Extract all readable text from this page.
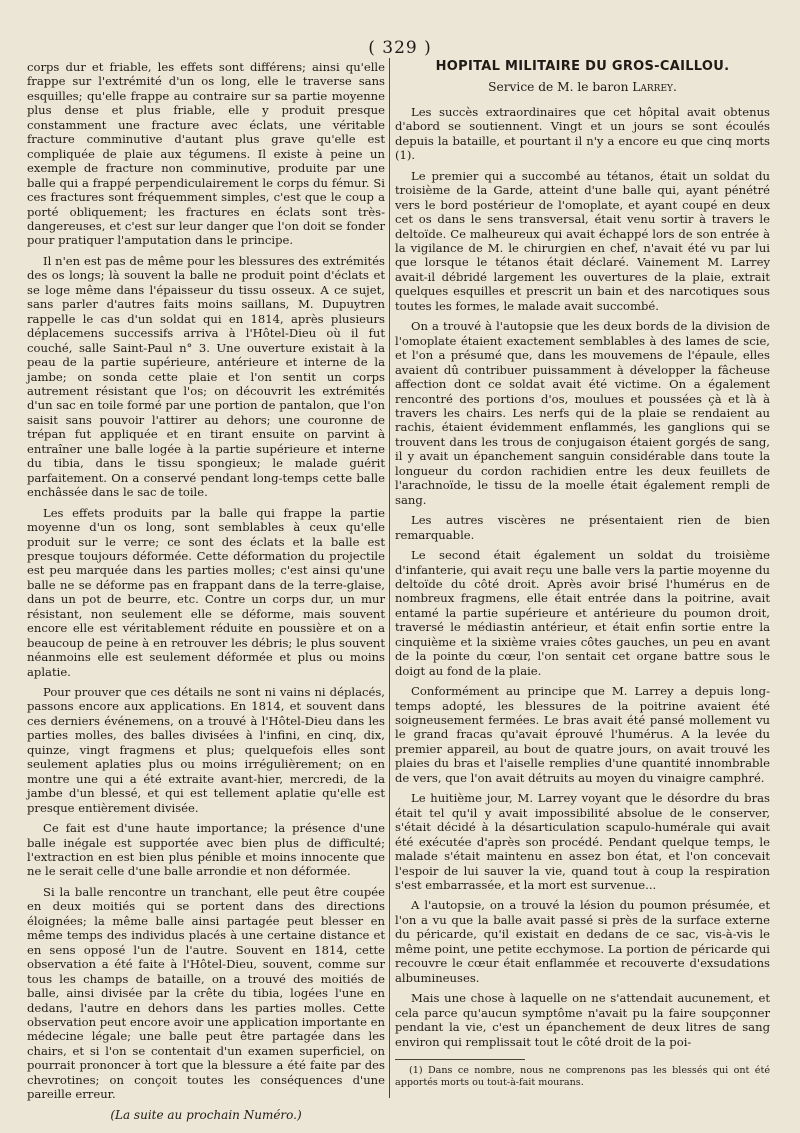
( 329 )

corps dur et friable, les effets sont différens; ainsi qu'elle frappe sur l'extrémité d'un os long, elle le traverse sans esquilles; qu'elle frappe au contraire sur sa partie moyenne plus dense et plus friable, elle y produit presque constamment une fracture avec éclats, une véritable fracture comminutive d'autant plus grave qu'elle est compliquée de plaie aux tégumens. Il existe à peine un exemple de fracture non comminutive, produite par une balle qui a frappé perpendiculairement le corps du fémur. Si ces fractures sont fréquemment simples, c'est que le coup a porté obliquement; les fractures en éclats sont très-dangereuses, et c'est sur leur danger que l'on doit se fonder pour pratiquer l'amputation dans le principe.

Il n'en est pas de même pour les blessures des extrémités des os longs; là souvent la balle ne produit point d'éclats et se loge même dans l'épaisseur du tissu osseux. A ce sujet, sans parler d'autres faits moins saillans, M. Dupuytren rappelle le cas d'un soldat qui en 1814, après plusieurs déplacemens successifs arriva à l'Hôtel-Dieu où il fut couché, salle Saint-Paul n° 3. Une ouverture existait à la peau de la partie supérieure, antérieure et interne de la jambe; on sonda cette plaie et l'on sentit un corps autrement résistant que l'os; on découvrit les extrémités d'un sac en toile formé par une portion de pantalon, que l'on saisit sans pouvoir l'attirer au dehors; une couronne de trépan fut appliquée et en tirant ensuite on parvint à entraîner une balle logée à la partie supérieure et interne du tibia, dans le tissu spongieux; le malade guérit parfaitement. On a conservé pendant long-temps cette balle enchâssée dans le sac de toile.

Les effets produits par la balle qui frappe la partie moyenne d'un os long, sont semblables à ceux qu'elle produit sur le verre; ce sont des éclats et la balle est presque toujours déformée. Cette déformation du projectile est peu marquée dans les parties molles; c'est ainsi qu'une balle ne se déforme pas en frappant dans de la terre-glaise, dans un pot de beurre, etc. Contre un corps dur, un mur résistant, non seulement elle se déforme, mais souvent encore elle est véritablement réduite en poussière et on a beaucoup de peine à en retrouver les débris; le plus souvent néanmoins elle est seulement déformée et plus ou moins aplatie.

Pour prouver que ces détails ne sont ni vains ni déplacés, passons encore aux applications. En 1814, et souvent dans ces derniers événemens, on a trouvé à l'Hôtel-Dieu dans les parties molles, des balles divisées à l'infini, en cinq, dix, quinze, vingt fragmens et plus; quelquefois elles sont seulement aplaties plus ou moins irrégulièrement; on en montre une qui a été extraite avant-hier, mercredi, de la jambe d'un blessé, et qui est tellement aplatie qu'elle est presque entièrement divisée.

Ce fait est d'une haute importance; la présence d'une balle inégale est supportée avec bien plus de difficulté; l'extraction en est bien plus pénible et moins innocente que ne le serait celle d'une balle arrondie et non déformée.

Si la balle rencontre un tranchant, elle peut être coupée en deux moitiés qui se portent dans des directions éloignées; la même balle ainsi partagée peut blesser en même temps des individus placés à une certaine distance et en sens opposé l'un de l'autre. Souvent en 1814, cette observation a été faite à l'Hôtel-Dieu, souvent, comme sur tous les champs de bataille, on a trouvé des moitiés de balle, ainsi divisée par la crête du tibia, logées l'une en dedans, l'autre en dehors dans les parties molles. Cette observation peut encore avoir une application importante en médecine légale; une balle peut être partagée dans les chairs, et si l'on se contentait d'un examen superficiel, on pourrait prononcer à tort que la blessure a été faite par des chevrotines; on conçoit toutes les conséquences d'une pareille erreur.

(La suite au prochain Numéro.)
HOPITAL MILITAIRE DU GROS-CAILLOU.
Service de M. le baron Larrey.

Les succès extraordinaires que cet hôpital avait obtenus d'abord se soutiennent. Vingt et un jours se sont écoulés depuis la bataille, et pourtant il n'y a encore eu que cinq morts (1).

Le premier qui a succombé au tétanos, était un soldat du troisième de la Garde, atteint d'une balle qui, ayant pénétré vers le bord postérieur de l'omoplate, et ayant coupé en deux cet os dans le sens transversal, était venu sortir à travers le deltoïde. Ce malheureux qui avait échappé lors de son entrée à la vigilance de M. le chirurgien en chef, n'avait été vu par lui que lorsque le tétanos était déclaré. Vainement M. Larrey avait-il débridé largement les ouvertures de la plaie, extrait quelques esquilles et prescrit un bain et des narcotiques sous toutes les formes, le malade avait succombé.

On a trouvé à l'autopsie que les deux bords de la division de l'omoplate étaient exactement semblables à des lames de scie, et l'on a présumé que, dans les mouvemens de l'épaule, elles avaient dû contribuer puissamment à développer la fâcheuse affection dont ce soldat avait été victime. On a également rencontré des portions d'os, moulues et poussées çà et là à travers les chairs. Les nerfs qui de la plaie se rendaient au rachis, étaient évidemment enflammés, les ganglions qui se trouvent dans les trous de conjugaison étaient gorgés de sang, il y avait un épanchement sanguin considérable dans toute la longueur du cordon rachidien entre les deux feuillets de l'arachnoïde, le tissu de la moelle était également rempli de sang.

Les autres viscères ne présentaient rien de bien remarquable.

Le second était également un soldat du troisième d'infanterie, qui avait reçu une balle vers la partie moyenne du deltoïde du côté droit. Après avoir brisé l'humérus en de nombreux fragmens, elle était entrée dans la poitrine, avait entamé la partie supérieure et antérieure du poumon droit, traversé le médiastin antérieur, et était enfin sortie entre la cinquième et la sixième vraies côtes gauches, un peu en avant de la pointe du cœur, l'on sentait cet organe battre sous le doigt au fond de la plaie.

Conformément au principe que M. Larrey a depuis long-temps adopté, les blessures de la poitrine avaient été soigneusement fermées. Le bras avait été pansé mollement vu le grand fracas qu'avait éprouvé l'humérus. A la levée du premier appareil, au bout de quatre jours, on avait trouvé les plaies du bras et l'aiselle remplies d'une quantité innombrable de vers, que l'on avait détruits au moyen du vinaigre camphré.

Le huitième jour, M. Larrey voyant que le désordre du bras était tel qu'il y avait impossibilité absolue de le conserver, s'était décidé à la désarticulation scapulo-humérale qui avait été exécutée d'après son procédé. Pendant quelque temps, le malade s'était maintenu en assez bon état, et l'on concevait l'espoir de lui sauver la vie, quand tout à coup la respiration s'est embarrassée, et la mort est survenue...

A l'autopsie, on a trouvé la lésion du poumon présumée, et l'on a vu que la balle avait passé si près de la surface externe du péricarde, qu'il existait en dedans de ce sac, vis-à-vis le même point, une petite ecchymose. La portion de péricarde qui recouvre le cœur était enflammée et recouverte d'exsudations albumineuses.

Mais une chose à laquelle on ne s'attendait aucunement, et cela parce qu'aucun symptôme n'avait pu la faire soupçonner pendant la vie, c'est un épanchement de deux litres de sang environ qui remplissait tout le côté droit de la poi-

(1) Dans ce nombre, nous ne comprenons pas les blessés qui ont été apportés morts ou tout-à-fait mourans.
